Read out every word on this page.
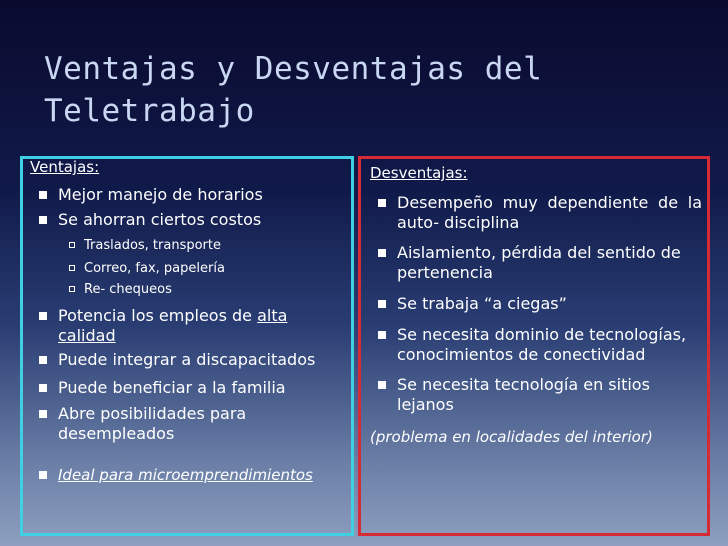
Ventajas y Desventajas del Teletrabajo
Ventajas:
Mejor manejo de horarios
Se ahorran ciertos costos
Traslados, transporte
Correo, fax, papelería
Re- chequeos
Potencia los empleos de alta calidad
Puede integrar a discapacitados
Puede beneficiar a la familia
Abre posibilidades para desempleados
Ideal para microemprendimientos
Desventajas:
Desempeño muy dependiente de la auto- disciplina
Aislamiento, pérdida del sentido de pertenencia
Se trabaja “a ciegas”
Se necesita dominio de tecnologías, conocimientos de conectividad
Se necesita tecnología en sitios lejanos
(problema en localidades del interior)
